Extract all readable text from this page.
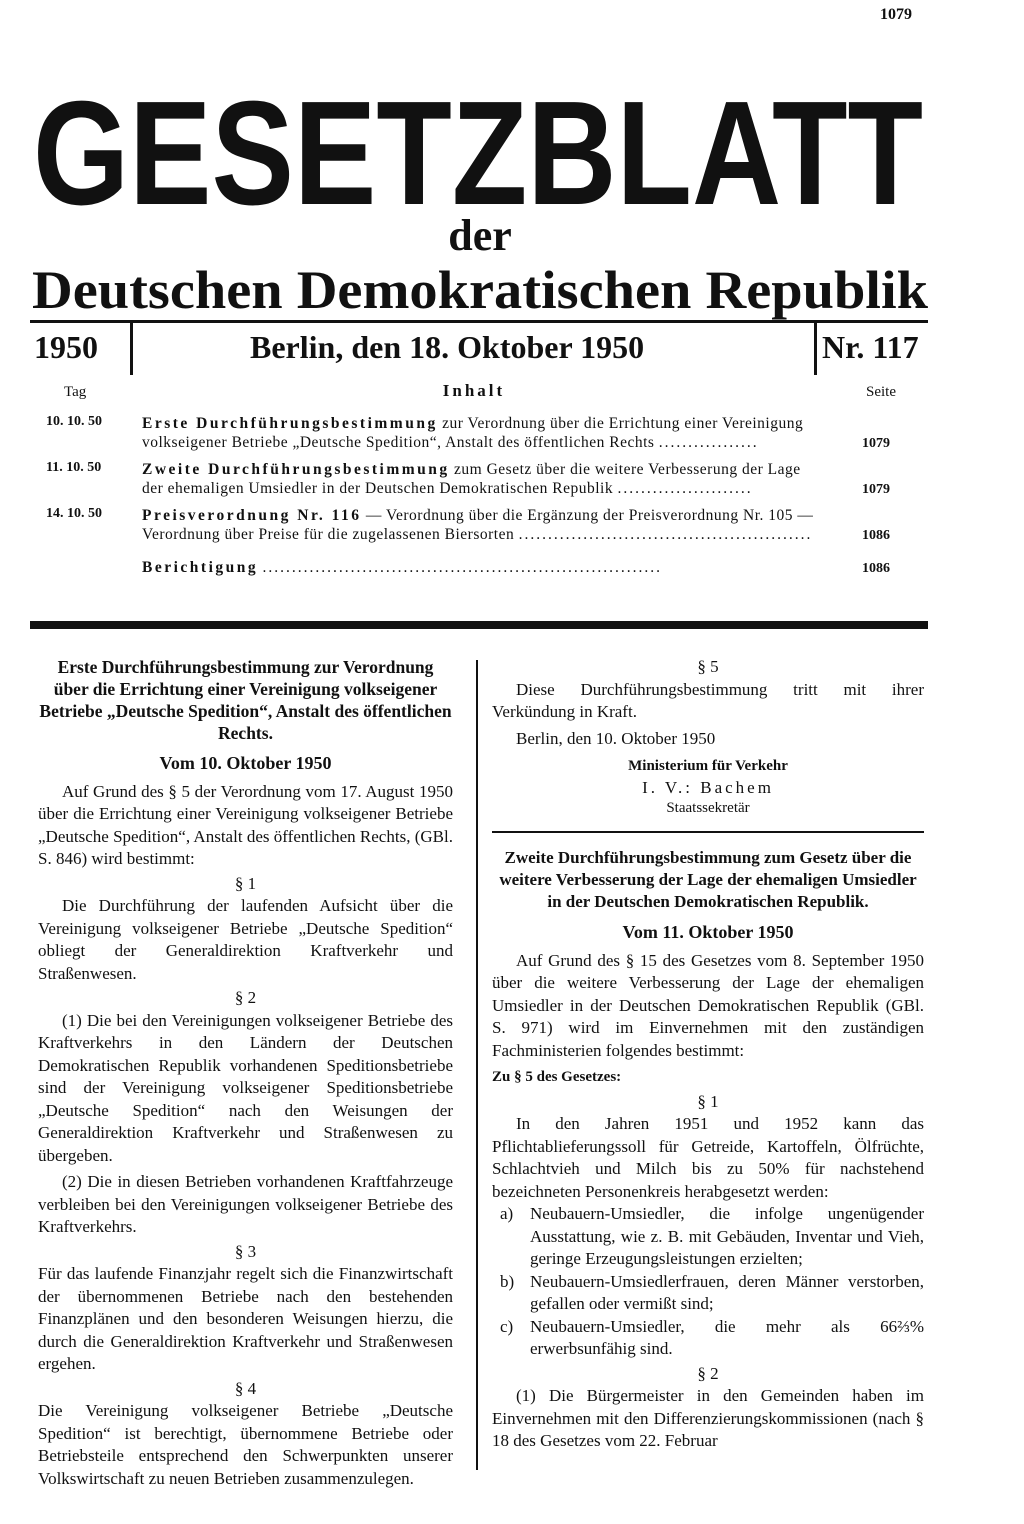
1079
GESETZBLATT
der
Deutschen Demokratischen Republik
1950	Berlin, den 18. Oktober 1950	Nr. 117
Tag	Inhalt	Seite
10. 10. 50	Erste Durchführungsbestimmung zur Verordnung über die Errichtung einer Vereinigung volkseigener Betriebe „Deutsche Spedition“, Anstalt des öffentlichen Rechts .................	1079
11. 10. 50	Zweite Durchführungsbestimmung zum Gesetz über die weitere Verbesserung der Lage der ehemaligen Umsiedler in der Deutschen Demokratischen Republik .......................	1079
14. 10. 50	Preisverordnung Nr. 116 — Verordnung über die Ergänzung der Preisverordnung Nr. 105 — Verordnung über Preise für die zugelassenen Biersorten ..................................................	1086
Berichtigung ....................................................................	1086
Erste Durchführungsbestimmung zur Verordnung über die Errichtung einer Vereinigung volkseigener Betriebe „Deutsche Spedition“, Anstalt des öffentlichen Rechts.
Vom 10. Oktober 1950

Auf Grund des § 5 der Verordnung vom 17. August 1950 über die Errichtung einer Vereinigung volkseigener Betriebe „Deutsche Spedition“, Anstalt des öffentlichen Rechts, (GBl. S. 846) wird bestimmt:

§ 1

Die Durchführung der laufenden Aufsicht über die Vereinigung volkseigener Betriebe „Deutsche Spedition“ obliegt der Generaldirektion Kraftverkehr und Straßenwesen.

§ 2

(1) Die bei den Vereinigungen volkseigener Betriebe des Kraftverkehrs in den Ländern der Deutschen Demokratischen Republik vorhandenen Speditionsbetriebe sind der Vereinigung volkseigener Speditionsbetriebe „Deutsche Spedition“ nach den Weisungen der Generaldirektion Kraftverkehr und Straßenwesen zu übergeben.

(2) Die in diesen Betrieben vorhandenen Kraftfahrzeuge verbleiben bei den Vereinigungen volkseigener Betriebe des Kraftverkehrs.

§ 3

Für das laufende Finanzjahr regelt sich die Finanzwirtschaft der übernommenen Betriebe nach den bestehenden Finanzplänen und den besonderen Weisungen hierzu, die durch die Generaldirektion Kraftverkehr und Straßenwesen ergehen.

§ 4

Die Vereinigung volkseigener Betriebe „Deutsche Spedition“ ist berechtigt, übernommene Betriebe oder Betriebsteile entsprechend den Schwerpunkten unserer Volkswirtschaft zu neuen Betrieben zusammenzulegen.

§ 5

Diese Durchführungsbestimmung tritt mit ihrer Verkündung in Kraft.

Berlin, den 10. Oktober 1950

Ministerium für Verkehr
I. V.: Bachem
Staatssekretär
Zweite Durchführungsbestimmung zum Gesetz über die weitere Verbesserung der Lage der ehemaligen Umsiedler in der Deutschen Demokratischen Republik.
Vom 11. Oktober 1950

Auf Grund des § 15 des Gesetzes vom 8. September 1950 über die weitere Verbesserung der Lage der ehemaligen Umsiedler in der Deutschen Demokratischen Republik (GBl. S. 971) wird im Einvernehmen mit den zuständigen Fachministerien folgendes bestimmt:

Zu § 5 des Gesetzes:

§ 1

In den Jahren 1951 und 1952 kann das Pflichtablieferungssoll für Getreide, Kartoffeln, Ölfrüchte, Schlachtvieh und Milch bis zu 50% für nachstehend bezeichneten Personenkreis herabgesetzt werden:

a) Neubauern-Umsiedler, die infolge ungenügender Ausstattung, wie z. B. mit Gebäuden, Inventar und Vieh, geringe Erzeugungsleistungen erzielten;
b) Neubauern-Umsiedlerfrauen, deren Männer verstorben, gefallen oder vermißt sind;
c) Neubauern-Umsiedler, die mehr als 66⅔% erwerbsunfähig sind.
§ 2

(1) Die Bürgermeister in den Gemeinden haben im Einvernehmen mit den Differenzierungskommissionen (nach § 18 des Gesetzes vom 22. Februar
